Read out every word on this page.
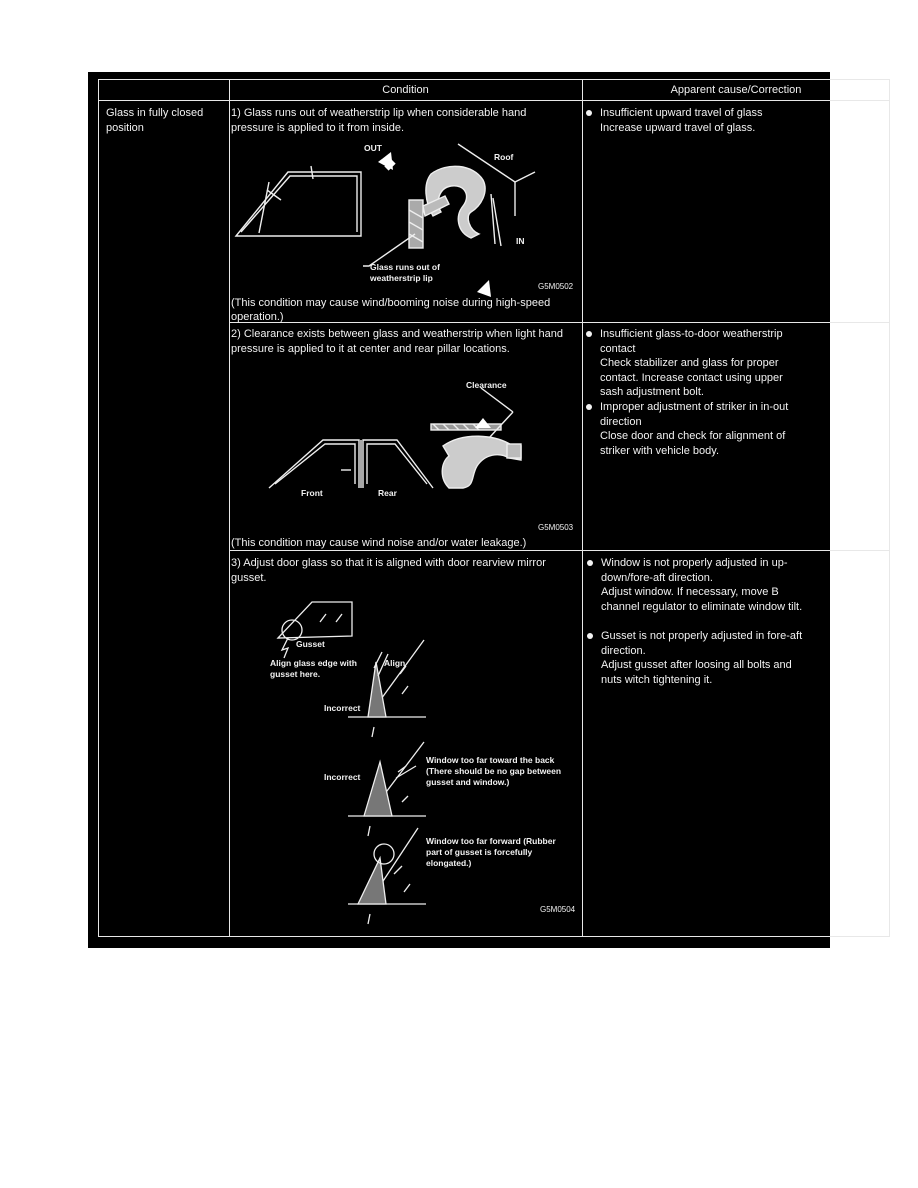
Condition	Apparent cause/Correction
Glass in fully closed position
1) Glass runs out of weatherstrip lip when considerable hand pressure is applied to it from inside.
OUT
Roof
IN
Glass runs out of weatherstrip lip
G5M0502
(This condition may cause wind/booming noise during high-speed operation.)
Insufficient upward travel of glass
Increase upward travel of glass.
2) Clearance exists between glass and weatherstrip when light hand pressure is applied to it at center and rear pillar locations.
Clearance
Front	Rear
G5M0503
(This condition may cause wind noise and/or water leakage.)
Insufficient glass-to-door weatherstrip contact
Check stabilizer and glass for proper contact. Increase contact using upper sash adjustment bolt.
Improper adjustment of striker in in-out direction
Close door and check for alignment of striker with vehicle body.
3) Adjust door glass so that it is aligned with door rearview mirror gusset.
Gusset
Align glass edge with gusset here.
Align
Incorrect
Incorrect
Window too far toward the back (There should be no gap between gusset and window.)
Window too far forward (Rubber part of gusset is forcefully elongated.)
G5M0504
Window is not properly adjusted in up-down/fore-aft direction.
Adjust window. If necessary, move B channel regulator to eliminate window tilt.
Gusset is not properly adjusted in fore-aft direction.
Adjust gusset after loosing all bolts and nuts witch tightening it.
